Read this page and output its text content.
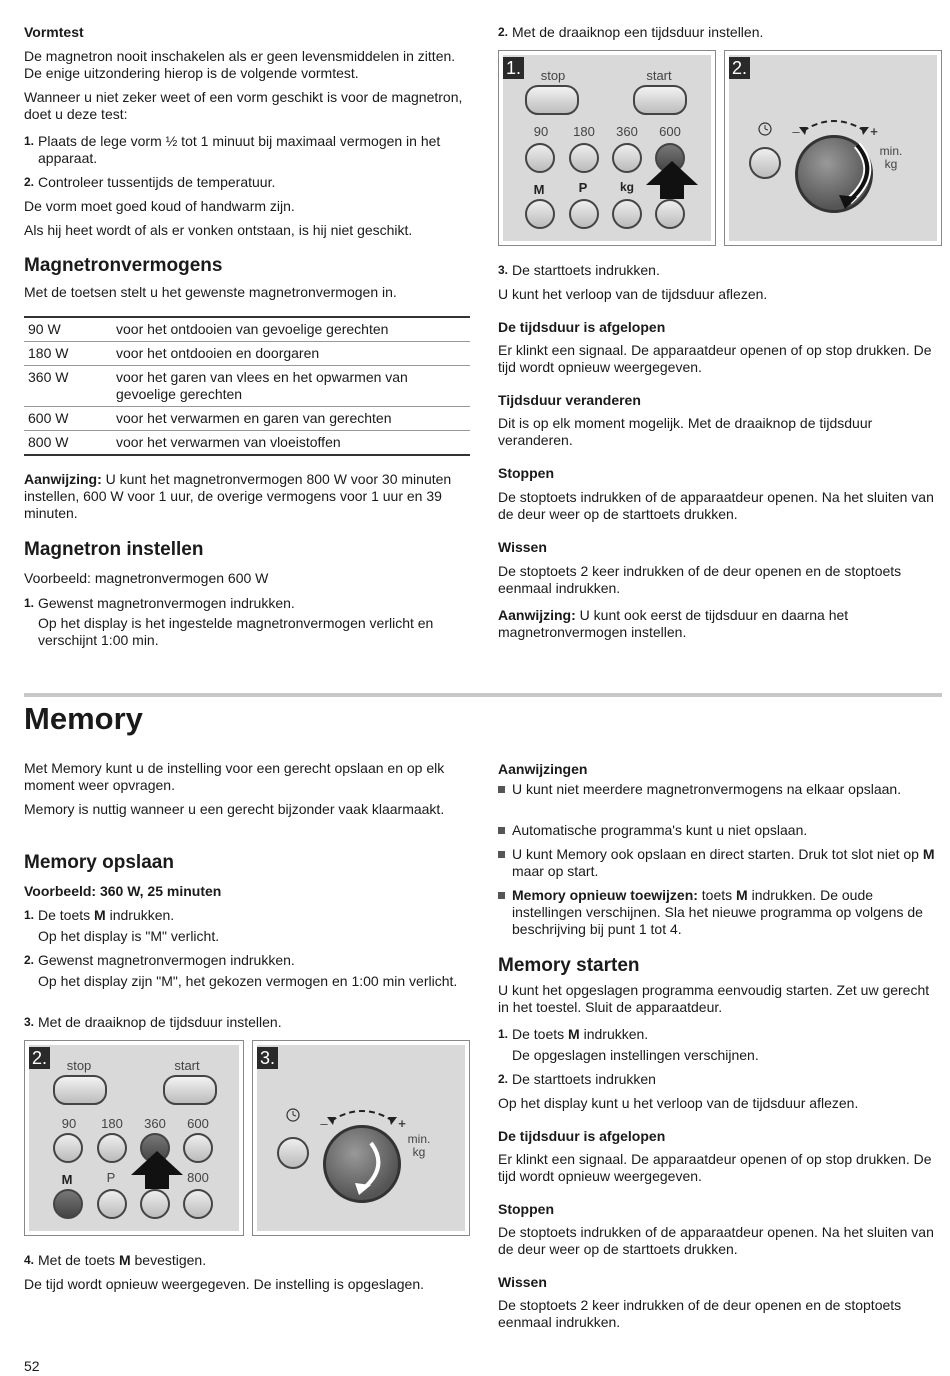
Vormtest

De magnetron nooit inschakelen als er geen levensmiddelen in zitten. De enige uitzondering hierop is de volgende vormtest.

Wanneer u niet zeker weet of een vorm geschikt is voor de magnetron, doet u deze test:

1. Plaats de lege vorm ½ tot 1 minuut bij maximaal vermogen in het apparaat.
2. Controleer tussentijds de temperatuur.

De vorm moet goed koud of handwarm zijn.

Als hij heet wordt of als er vonken ontstaan, is hij niet geschikt.

Magnetronvermogens

Met de toetsen stelt u het gewenste magnetronvermogen in.

90 W	voor het ontdooien van gevoelige gerechten
180 W	voor het ontdooien en doorgaren
360 W	voor het garen van vlees en het opwarmen van gevoelige gerechten
600 W	voor het verwarmen en garen van gerechten
800 W	voor het verwarmen van vloeistoffen

Aanwijzing: U kunt het magnetronvermogen 800 W voor 30 minuten instellen, 600 W voor 1 uur, de overige vermogens voor 1 uur en 39 minuten.

Magnetron instellen

Voorbeeld: magnetronvermogen 600 W

1. Gewenst magnetronvermogen indrukken.
Op het display is het ingestelde magnetronvermogen verlicht en verschijnt 1:00 min.
2. Met de draaiknop een tijdsduur instellen.
1.	stop	start
90	180	360	600
M	P	kg
2.
–	+
min.
kg
3. De starttoets indrukken.

U kunt het verloop van de tijdsduur aflezen.

De tijdsduur is afgelopen

Er klinkt een signaal. De apparaatdeur openen of op stop drukken. De tijd wordt opnieuw weergegeven.

Tijdsduur veranderen

Dit is op elk moment mogelijk. Met de draaiknop de tijdsduur veranderen.

Stoppen

De stoptoets indrukken of de apparaatdeur openen. Na het sluiten van de deur weer op de starttoets drukken.

Wissen

De stoptoets 2 keer indrukken of de deur openen en de stoptoets eenmaal indrukken.

Aanwijzing: U kunt ook eerst de tijdsduur en daarna het magnetronvermogen instellen.

Memory

Met Memory kunt u de instelling voor een gerecht opslaan en op elk moment weer opvragen.

Memory is nuttig wanneer u een gerecht bijzonder vaak klaarmaakt.

Memory opslaan
Voorbeeld: 360 W, 25 minuten
1. De toets M indrukken.
Op het display is "M" verlicht.
2. Gewenst magnetronvermogen indrukken.
Op het display zijn "M", het gekozen vermogen en 1:00 min verlicht.
3. Met de draaiknop de tijdsduur instellen.
2.	stop	start
90	180	360	600
M	P	800
3.
–	+
min.
kg
4. Met de toets M bevestigen.

De tijd wordt opnieuw weergegeven. De instelling is opgeslagen.

Aanwijzingen
U kunt niet meerdere magnetronvermogens na elkaar opslaan.
Automatische programma's kunt u niet opslaan.
U kunt Memory ook opslaan en direct starten. Druk tot slot niet op M maar op start.
Memory opnieuw toewijzen: toets M indrukken. De oude instellingen verschijnen. Sla het nieuwe programma op volgens de beschrijving bij punt 1 tot 4.
Memory starten

U kunt het opgeslagen programma eenvoudig starten. Zet uw gerecht in het toestel. Sluit de apparaatdeur.

1. De toets M indrukken.
De opgeslagen instellingen verschijnen.
2. De starttoets indrukken

Op het display kunt u het verloop van de tijdsduur aflezen.

De tijdsduur is afgelopen

Er klinkt een signaal. De apparaatdeur openen of op stop drukken. De tijd wordt opnieuw weergegeven.

Stoppen

De stoptoets indrukken of de apparaatdeur openen. Na het sluiten van de deur weer op de starttoets drukken.

Wissen

De stoptoets 2 keer indrukken of de deur openen en de stoptoets eenmaal indrukken.

52
